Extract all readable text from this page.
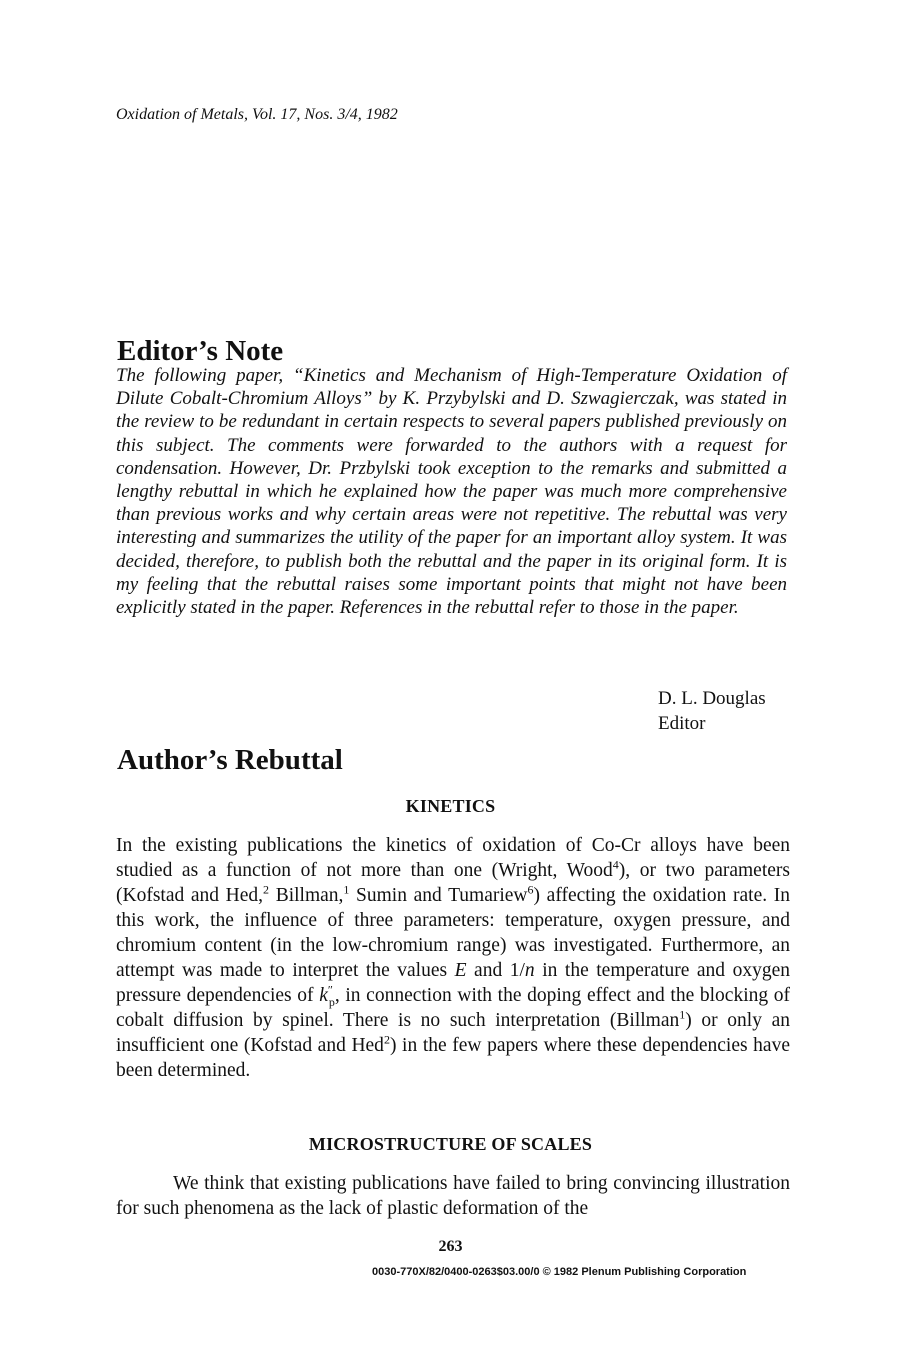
Oxidation of Metals, Vol. 17, Nos. 3/4, 1982
Editor’s Note
The following paper, “Kinetics and Mechanism of High-Temperature Oxidation of Dilute Cobalt-Chromium Alloys” by K. Przybylski and D. Szwagierczak, was stated in the review to be redundant in certain respects to several papers published previously on this subject. The comments were forwarded to the authors with a request for condensation. However, Dr. Przbylski took exception to the remarks and submitted a lengthy rebuttal in which he explained how the paper was much more comprehensive than previous works and why certain areas were not repetitive. The rebuttal was very interesting and summarizes the utility of the paper for an important alloy system. It was decided, therefore, to publish both the rebuttal and the paper in its original form. It is my feeling that the rebuttal raises some important points that might not have been explicitly stated in the paper. References in the rebuttal refer to those in the paper.
D. L. Douglas
Editor
Author’s Rebuttal
KINETICS
In the existing publications the kinetics of oxidation of Co-Cr alloys have been studied as a function of not more than one (Wright, Wood$^4$), or two parameters (Kofstad and Hed,$^2$ Billman,$^1$ Sumin and Tumariew$^6$) affecting the oxidation rate. In this work, the influence of three parameters: temperature, oxygen pressure, and chromium content (in the low-chromium range) was investigated. Furthermore, an attempt was made to interpret the values E and 1/n in the temperature and oxygen pressure dependencies of $k''_p$, in connection with the doping effect and the blocking of cobalt diffusion by spinel. There is no such interpretation (Billman$^1$) or only an insufficient one (Kofstad and Hed$^2$) in the few papers where these dependencies have been determined.
MICROSTRUCTURE OF SCALES
We think that existing publications have failed to bring convincing illustration for such phenomena as the lack of plastic deformation of the
263
0030-770X/82/0400-0263$03.00/0 © 1982 Plenum Publishing Corporation
